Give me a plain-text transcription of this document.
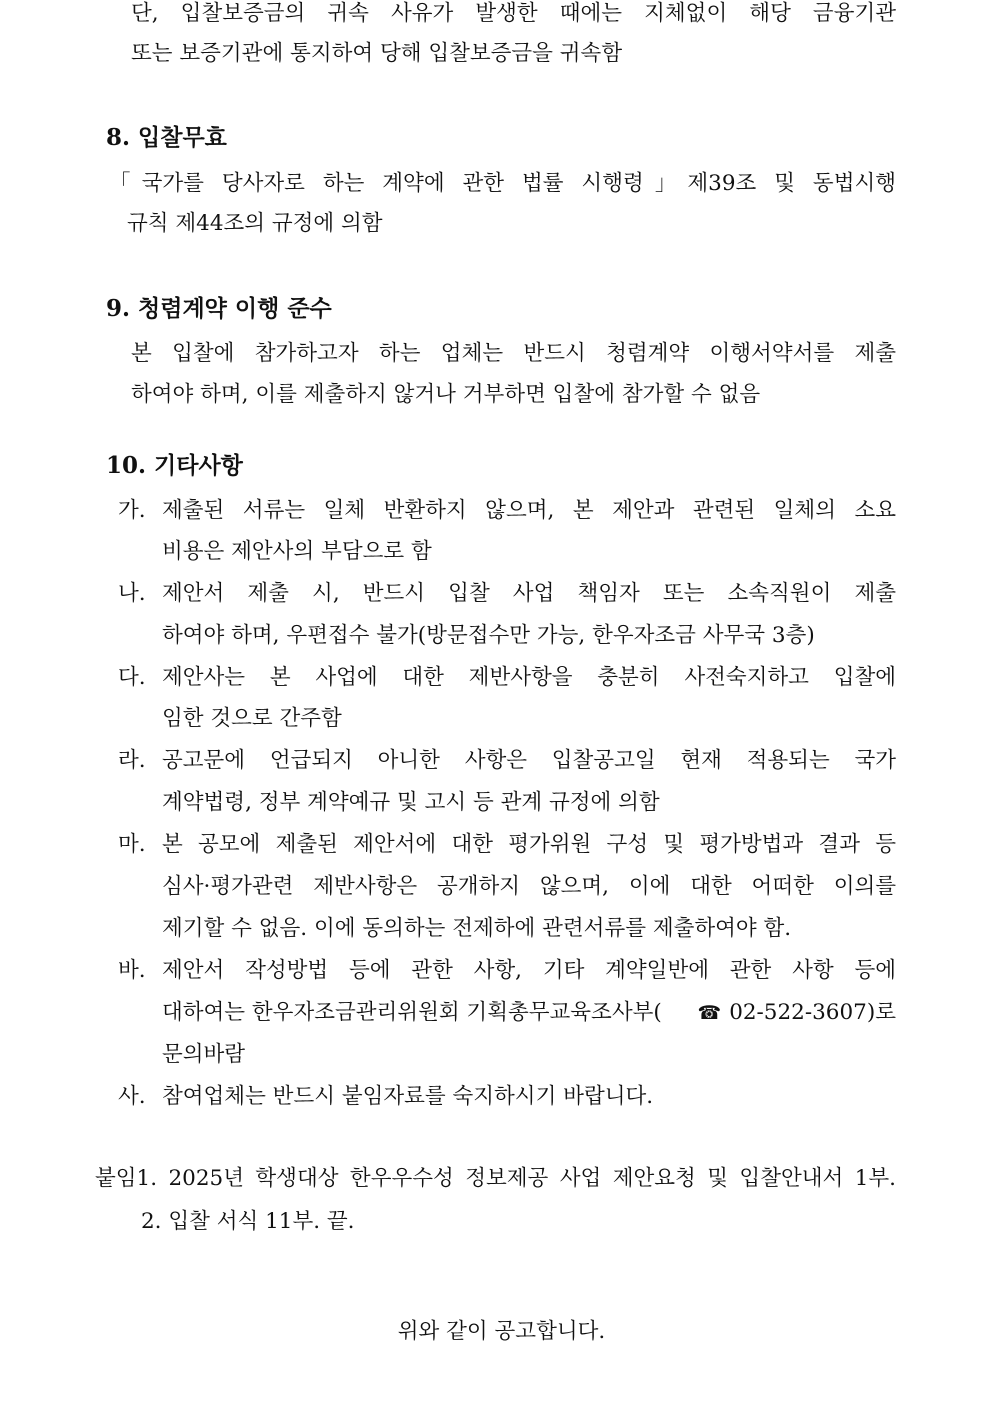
단, 입찰보증금의 귀속 사유가 발생한 때에는 지체없이 해당 금융기관
또는 보증기관에 통지하여 당해 입찰보증금을 귀속함
8. 입찰무효
「국가를 당사자로 하는 계약에 관한 법률 시행령」제39조 및 동법시행
규칙 제44조의 규정에 의함
9. 청렴계약 이행 준수
본 입찰에 참가하고자 하는 업체는 반드시 청렴계약 이행서약서를 제출
하여야 하며, 이를 제출하지 않거나 거부하면 입찰에 참가할 수 없음
10. 기타사항
가. 제출된 서류는 일체 반환하지 않으며, 본 제안과 관련된 일체의 소요
비용은 제안사의 부담으로 함
나. 제안서 제출 시, 반드시 입찰 사업 책임자 또는 소속직원이 제출
하여야 하며, 우편접수 불가(방문접수만 가능, 한우자조금 사무국 3층)
다. 제안사는 본 사업에 대한 제반사항을 충분히 사전숙지하고 입찰에
임한 것으로 간주함
라. 공고문에 언급되지 아니한 사항은 입찰공고일 현재 적용되는 국가
계약법령, 정부 계약예규 및 고시 등 관계 규정에 의함
마. 본 공모에 제출된 제안서에 대한 평가위원 구성 및 평가방법과 결과 등
심사·평가관련 제반사항은 공개하지 않으며, 이에 대한 어떠한 이의를
제기할 수 없음. 이에 동의하는 전제하에 관련서류를 제출하여야 함.
바. 제안서 작성방법 등에 관한 사항, 기타 계약일반에 관한 사항 등에
대하여는 한우자조금관리위원회 기획총무교육조사부( ☎ 02-522-3607)로
문의바람
사. 참여업체는 반드시 붙임자료를 숙지하시기 바랍니다.
붙임1. 2025년 학생대상 한우우수성 정보제공 사업 제안요청 및 입찰안내서 1부.
2. 입찰 서식 11부. 끝.
위와 같이 공고합니다.
